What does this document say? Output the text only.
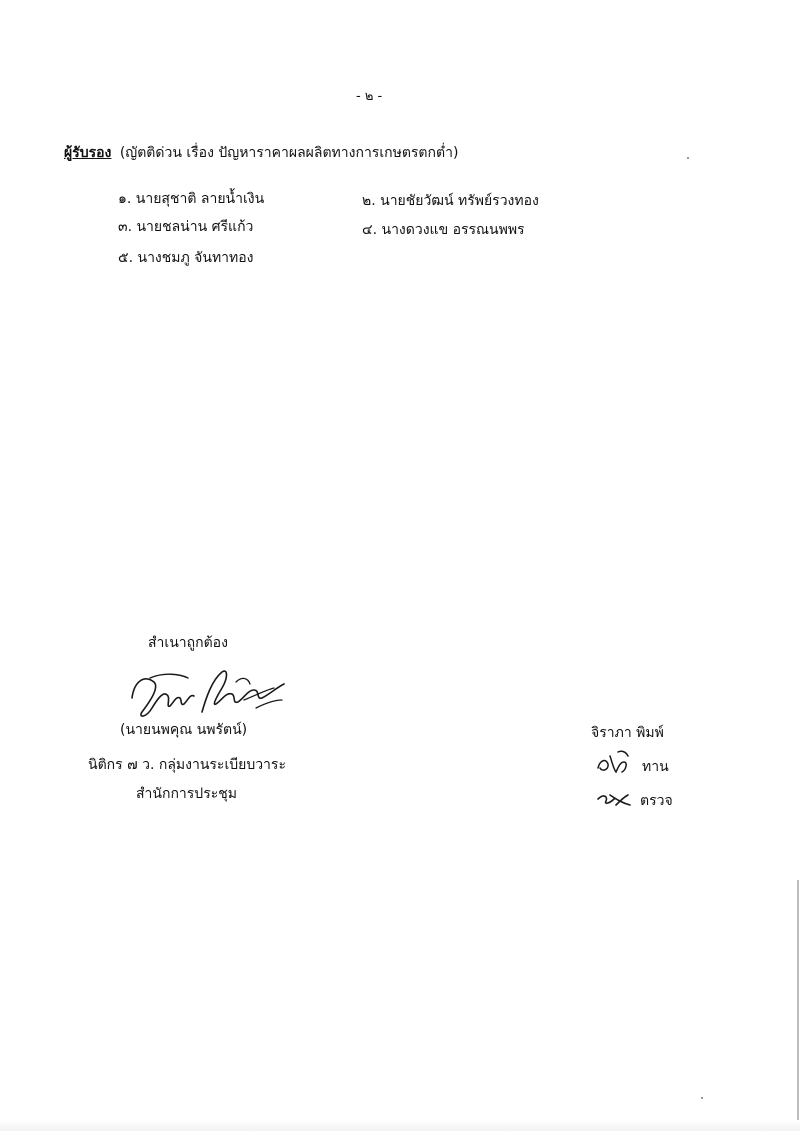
- ๒ -
ผู้รับรอง (ญัตติด่วน เรื่อง ปัญหาราคาผลผลิตทางการเกษตรตกต่ำ)
๑. นายสุชาติ ลายน้ำเงิน	๒. นายชัยวัฒน์ ทรัพย์รวงทอง
๓. นายชลน่าน ศรีแก้ว	๔. นางดวงแข อรรณนพพร
๕. นางชมภู จันทาทอง
สำเนาถูกต้อง
(นายนพคุณ นพรัตน์)
นิติกร ๗ ว. กลุ่มงานระเบียบวาระ
สำนักการประชุม
จิราภา พิมพ์
ทาน
ตรวจ
